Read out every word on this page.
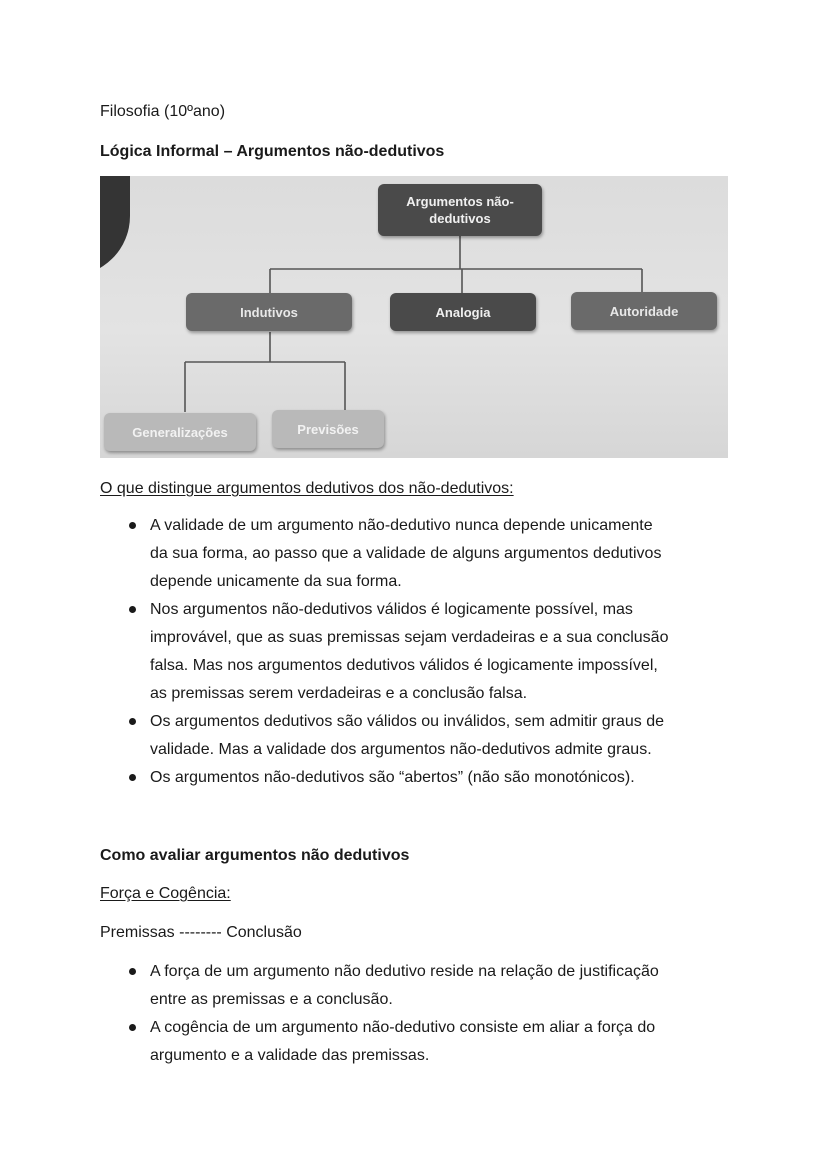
Filosofia (10ºano)
Lógica Informal – Argumentos não-dedutivos
Argumentos não-dedutivos
Indutivos	Analogia	Autoridade
Generalizações	Previsões
O que distingue argumentos dedutivos dos não-dedutivos:
A validade de um argumento não-dedutivo nunca depende unicamente
da sua forma, ao passo que a validade de alguns argumentos dedutivos
depende unicamente da sua forma.
Nos argumentos não-dedutivos válidos é logicamente possível, mas
improvável, que as suas premissas sejam verdadeiras e a sua conclusão
falsa. Mas nos argumentos dedutivos válidos é logicamente impossível,
as premissas serem verdadeiras e a conclusão falsa.
Os argumentos dedutivos são válidos ou inválidos, sem admitir graus de
validade. Mas a validade dos argumentos não-dedutivos admite graus.
Os argumentos não-dedutivos são “abertos” (não são monotónicos).
Como avaliar argumentos não dedutivos
Força e Cogência:
Premissas -------- Conclusão
A força de um argumento não dedutivo reside na relação de justificação
entre as premissas e a conclusão.
A cogência de um argumento não-dedutivo consiste em aliar a força do
argumento e a validade das premissas.
